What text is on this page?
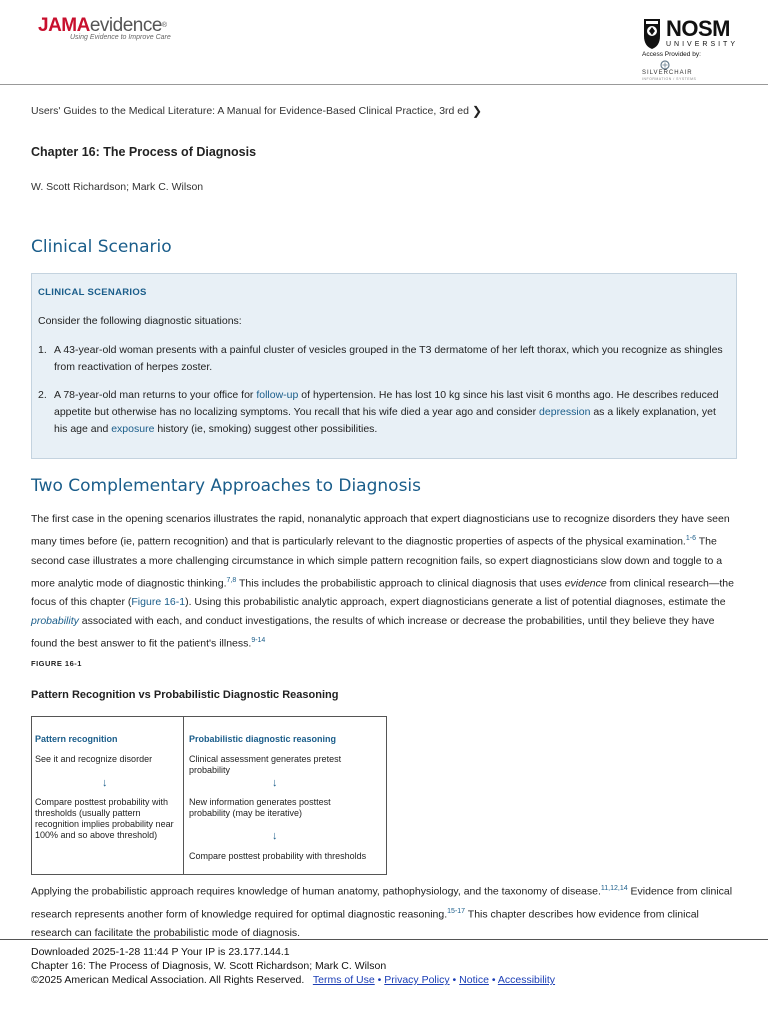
JAMAevidence®
Using Evidence to Improve Care	NOSM
UNIVERSITY
Access Provided by:
SILVERCHAIR
INFORMATION / SYSTEMS
Users' Guides to the Medical Literature: A Manual for Evidence-Based Clinical Practice, 3rd ed ❯
Chapter 16: The Process of Diagnosis
W. Scott Richardson; Mark C. Wilson
Clinical Scenario
CLINICAL SCENARIOS
Consider the following diagnostic situations:
1. A 43-year-old woman presents with a painful cluster of vesicles grouped in the T3 dermatome of her left thorax, which you recognize as shingles from reactivation of herpes zoster.
2. A 78-year-old man returns to your office for follow-up of hypertension. He has lost 10 kg since his last visit 6 months ago. He describes reduced appetite but otherwise has no localizing symptoms. You recall that his wife died a year ago and consider depression as a likely explanation, yet his age and exposure history (ie, smoking) suggest other possibilities.
Two Complementary Approaches to Diagnosis
The first case in the opening scenarios illustrates the rapid, nonanalytic approach that expert diagnosticians use to recognize disorders they have seen many times before (ie, pattern recognition) and that is particularly relevant to the diagnostic properties of aspects of the physical examination.$^{1-6}$ The second case illustrates a more challenging circumstance in which simple pattern recognition fails, so expert diagnosticians slow down and toggle to a more analytic mode of diagnostic thinking.$^{7,8}$ This includes the probabilistic approach to clinical diagnosis that uses evidence from clinical research—the focus of this chapter (Figure 16-1). Using this probabilistic analytic approach, expert diagnosticians generate a list of potential diagnoses, estimate the probability associated with each, and conduct investigations, the results of which increase or decrease the probabilities, until they believe they have found the best answer to fit the patient's illness.$^{9-14}$
FIGURE 16-1
Pattern Recognition vs Probabilistic Diagnostic Reasoning
Pattern recognition
See it and recognize disorder
↓
Compare posttest probability with thresholds (usually pattern recognition implies probability near 100% and so above threshold)
Probabilistic diagnostic reasoning
Clinical assessment generates pretest probability
↓
New information generates posttest probability (may be iterative)
↓
Compare posttest probability with thresholds
Applying the probabilistic approach requires knowledge of human anatomy, pathophysiology, and the taxonomy of disease.$^{11,12,14}$ Evidence from clinical research represents another form of knowledge required for optimal diagnostic reasoning.$^{15-17}$ This chapter describes how evidence from clinical research can facilitate the probabilistic mode of diagnosis.
Downloaded 2025-1-28 11:44 P Your IP is 23.177.144.1
Chapter 16: The Process of Diagnosis, W. Scott Richardson; Mark C. Wilson
©2025 American Medical Association. All Rights Reserved. Terms of Use • Privacy Policy • Notice • Accessibility
